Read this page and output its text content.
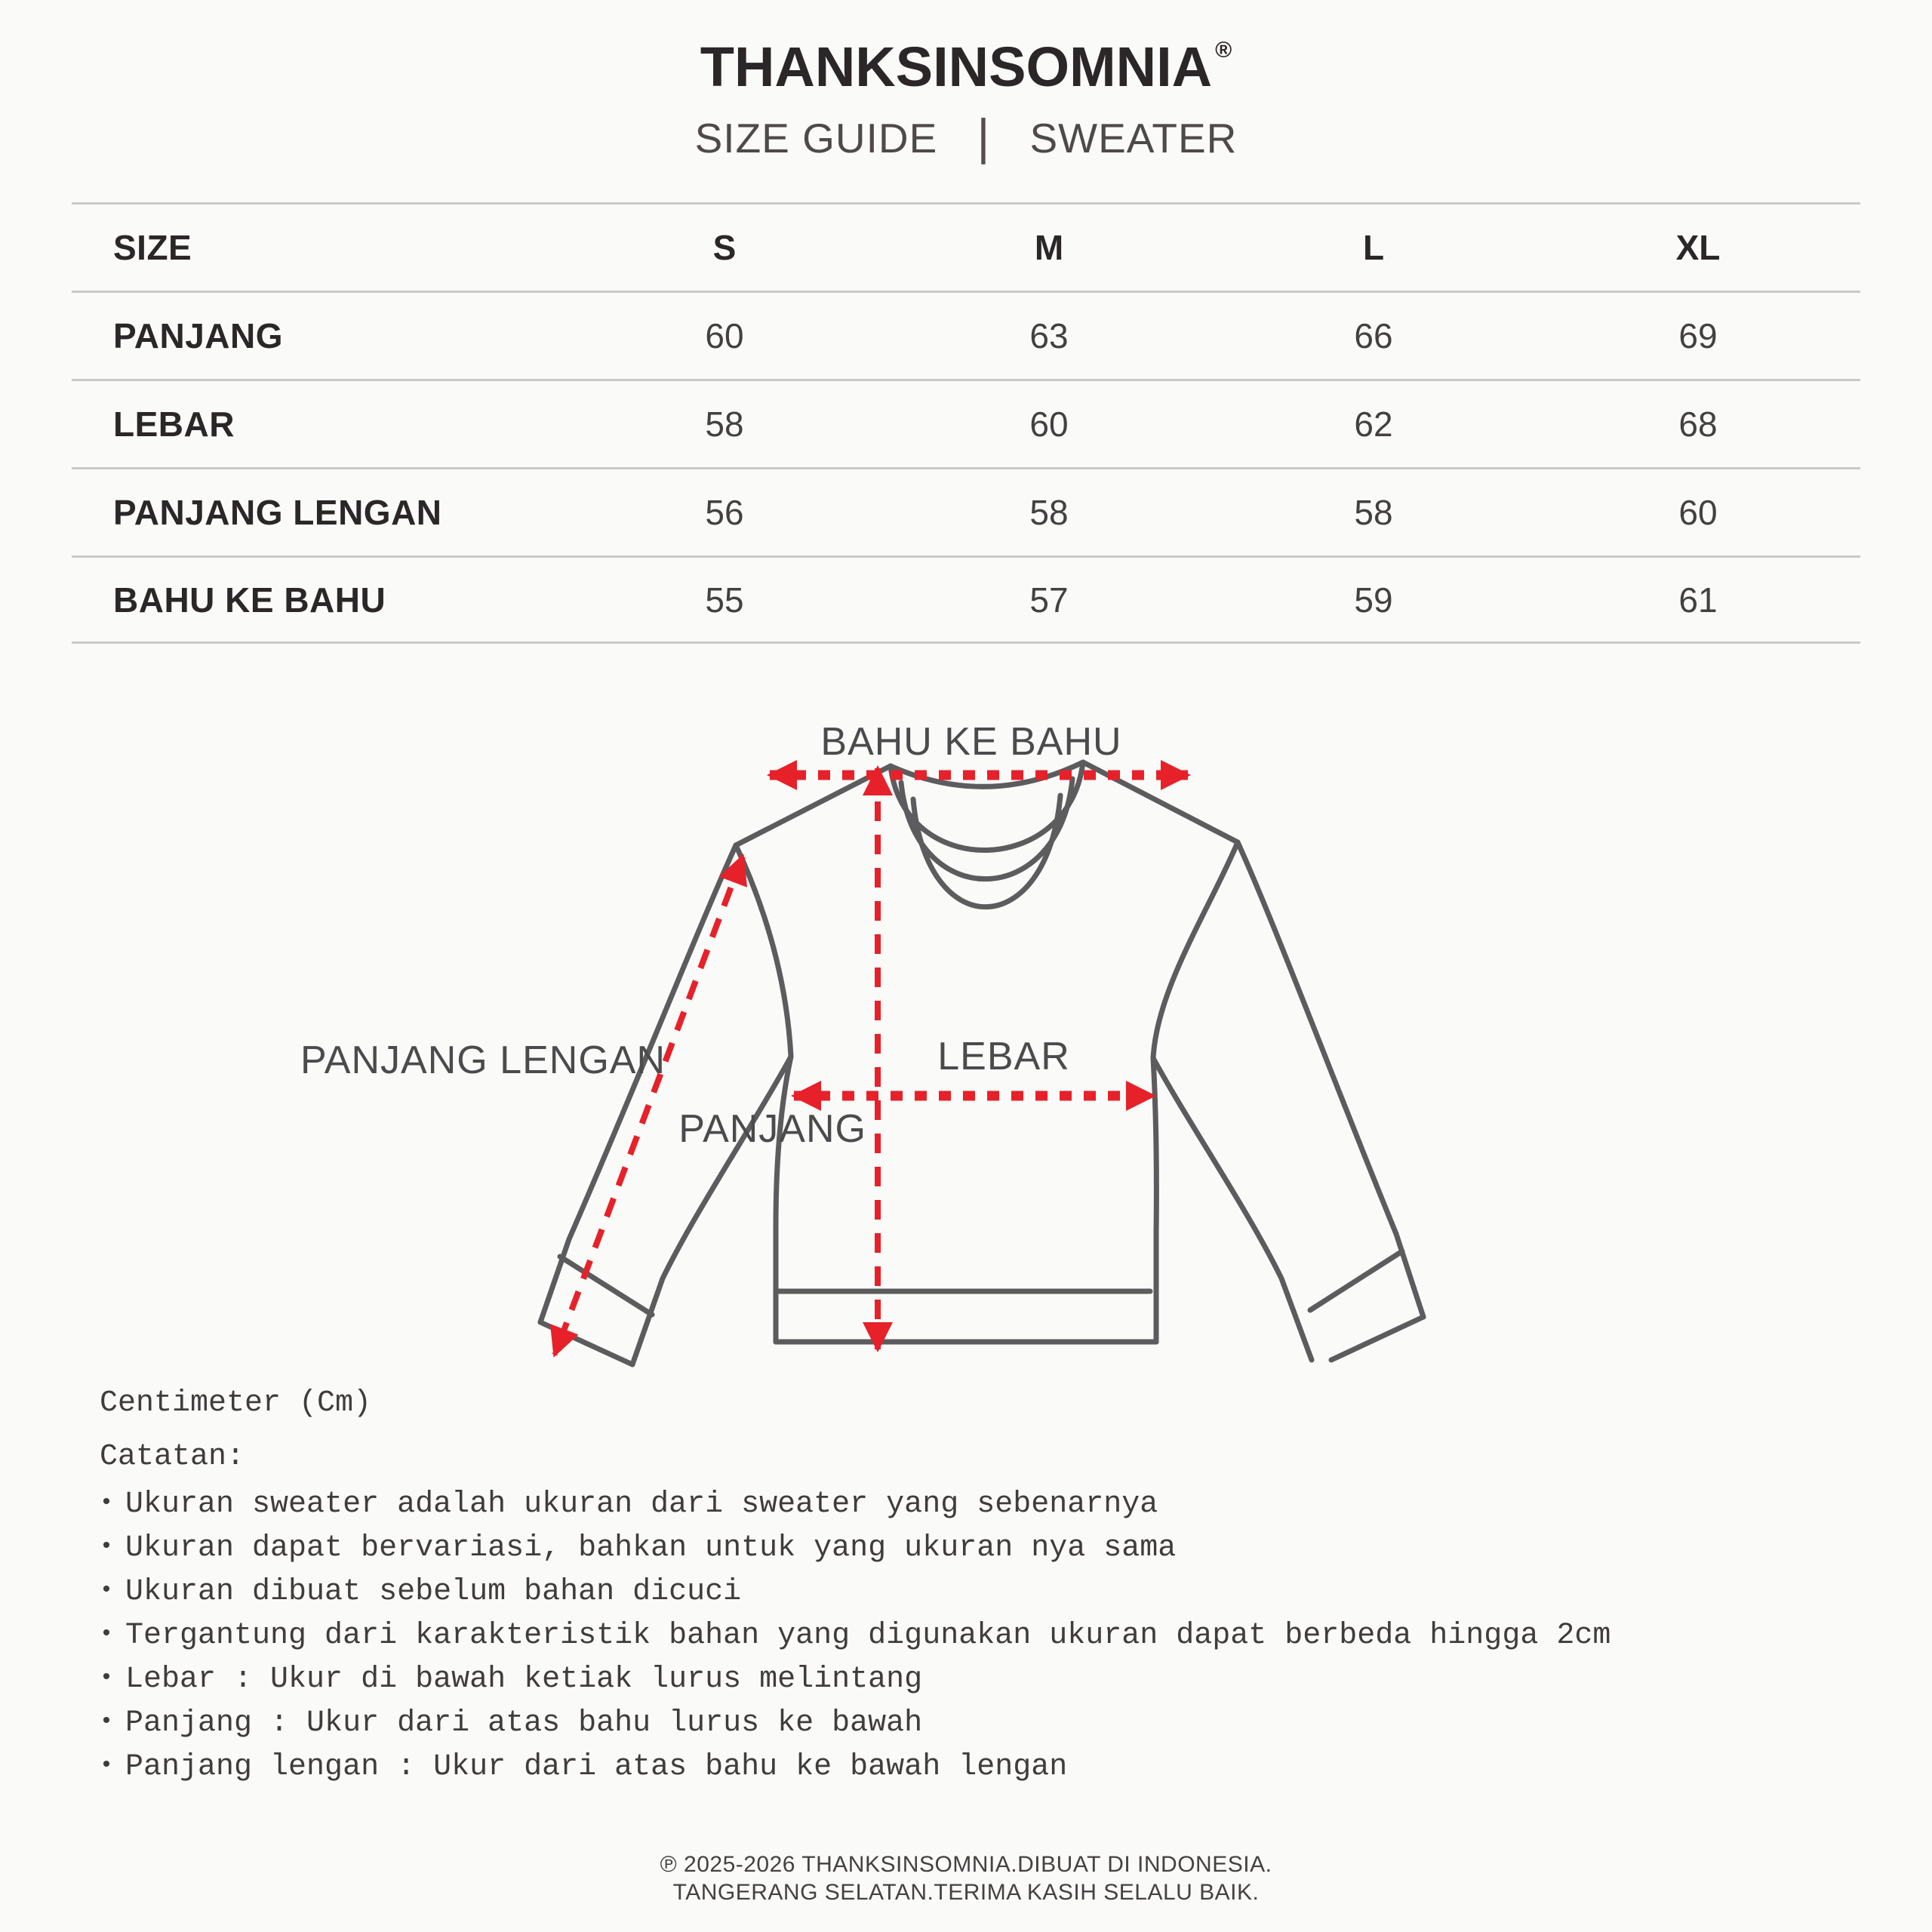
THANKSINSOMNIA ®
SIZE GUIDE | SWEATER
SIZE	S	M	L	XL
PANJANG	60	63	66	69
LEBAR	58	60	62	68
PANJANG LENGAN	56	58	58	60
BAHU KE BAHU	55	57	59	61
BAHU KE BAHU
PANJANG LENGAN	LEBAR
PANJANG
Centimeter (Cm)
Catatan:
• Ukuran sweater adalah ukuran dari sweater yang sebenarnya
• Ukuran dapat bervariasi, bahkan untuk yang ukuran nya sama
• Ukuran dibuat sebelum bahan dicuci
• Tergantung dari karakteristik bahan yang digunakan ukuran dapat berbeda hingga 2cm
• Lebar : Ukur di bawah ketiak lurus melintang
• Panjang : Ukur dari atas bahu lurus ke bawah
• Panjang lengan : Ukur dari atas bahu ke bawah lengan
℗ 2025-2026 THANKSINSOMNIA.DIBUAT DI INDONESIA.
TANGERANG SELATAN.TERIMA KASIH SELALU BAIK.
